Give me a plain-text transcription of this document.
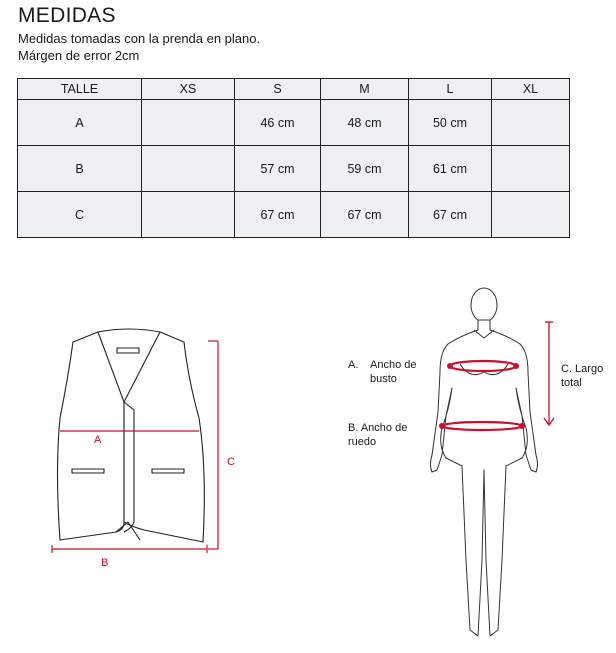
MEDIDAS
Medidas tomadas con la prenda en plano.
Márgen de error 2cm
TALLE	XS	S	M	L	XL
A		46 cm	48 cm	50 cm	
B		57 cm	59 cm	61 cm	
C		67 cm	67 cm	67 cm	
A
B
C
A. Ancho de
busto
B. Ancho de
ruedo
C. Largo
total
